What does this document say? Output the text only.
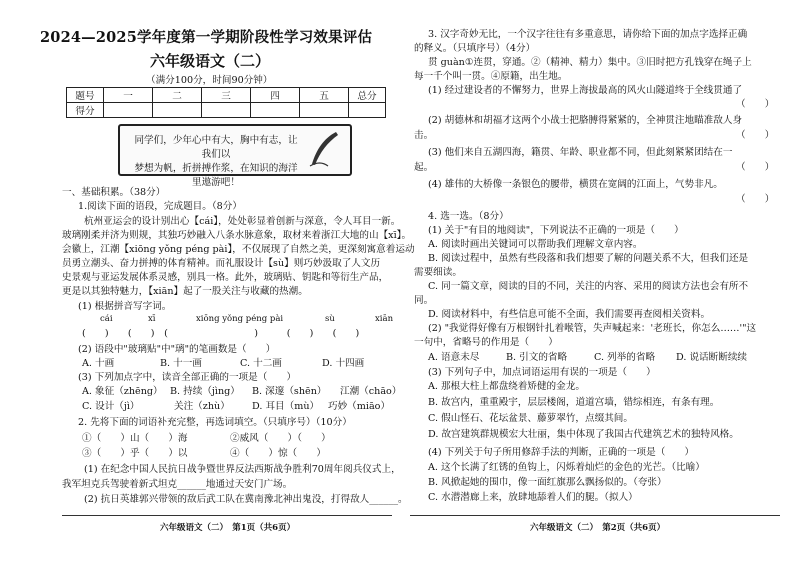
2024—2025学年度第一学期阶段性学习效果评估
六年级语文（二）
（满分100分，时间90分钟）
题号	一	二	三	四	五	总分
得分						
同学们，少年心中有大，胸中有志，让我们以
梦想为帆，折拼搏作浆，在知识的海洋里遨游吧！
一、基础积累。（38分）
1.阅读下面的语段，完成题目。（8分）
杭州亚运会的设计别出心【cái】，处处彰显着创新与深意，令人耳目一新。
玻璃刚柔并济为则规，其独巧妙融入八条水脉意象，取材来着浙江大地的山【xī】。
会徽上，江潮【xiōng yǒng péng pài】，不仅展现了自然之美，更深刻寓意着运动
员勇立潮头、奋力拼搏的体育精神。而礼服设计【sù】则巧妙汲取了人文历
史景观与亚运发展体系灵感，别具一格。此外，玻璃贴、钥匙和等衍生产品，
更是以其独特魅力，【xiān】起了一股关注与收藏的热潮。
(1) 根据拼音写字词。
cái	xī	xiōng yǒng péng pài	sù	xiān
(　　)　　(　　)　(　　　　　　　　　)　　　(　　)　　(　　)
(2) 语段中"玻璃贴"中"璃"的笔画数是（　　）
A. 十画	B. 十一画	C. 十二画	D. 十四画
(3) 下列加点字中，读音全部正确的一项是（　　）
A. 象征（zhēng） B. 持续（jìng） B. 深邃（shēn） 江潮（chāo）
C. 设计（jì）	关注（zhù） D. 耳目（mù） 巧妙（miāo）
2. 先将下面的词语补充完整，再选词填空。（只填序号）（10分）
①（　　）山（　　）海	②威风（　　）（　　）
③（　　）乎（　　）以	④（　　）惊（　　）
(1) 在纪念中国人民抗日战争暨世界反法西斯战争胜利70周年阅兵仪式上，
我军坦克兵驾驶着新式坦克______地通过天安门广场。
(2) 抗日英雄郭兴带领的敌后武工队在冀南豫北神出鬼没，打得敌人______。
六年级语文（二）　第1页（共6页）
3. 汉字奇妙无比，一个汉字往往有多重意思，请你给下面的加点字选择正确
的释义。（只填序号）（4分）
贯 guàn①连贯，穿通。②（精神、精力）集中。③旧时把方孔钱穿在绳子上
每一千个叫一贯。④原籍，出生地。
(1) 经过建设者的不懈努力，世界上海拔最高的风火山隧道终于全线贯通了
（　　）
(2) 胡德林和胡福才这两个小战士把胳膊得紧紧的，全神贯注地瞄准敌人身
击。	（　　）
(3) 他们来自五湖四海，籍贯、年龄、职业都不同，但此刻紧紧团结在一
起。	（　　）
(4) 雄伟的大桥像一条银色的腰带，横贯在宽阔的江面上，气势非凡。
（　　）
4. 选一选。（8分）
(1) 关于"有目的地阅读"，下列说法不正确的一项是（　　）
A. 阅读时画出关键词可以帮助我们理解文章内容。
B. 阅读过程中，虽然有些段落和我们想要了解的问题关系不大，但我们还是
需要细读。
C. 同一篇文章，阅读的目的不同，关注的内容、采用的阅读方法也会有所不
同。
D. 阅读材料中，有些信息可能不全面，我们需要再查阅相关资料。
(2) "我觉得好像有万根钢针扎着喉管，失声喊起来：'老班长，你怎么……'"这
一句中，省略号的作用是（　　）
A. 语意未尽	B. 引文的省略	C. 列举的省略 D. 说话断断续续
(3) 下列句子中，加点词语运用有误的一项是（　　）
A. 那根大柱上都盘绕着矫健的金龙。
B. 故宫内，重重殿宇，层层楼阁，道道宫墙，错综相连，有条有理。
C. 假山怪石、花坛盆景、藤萝翠竹，点缀其间。
D. 故宫建筑群规模宏大壮丽，集中体现了我国古代建筑艺术的独特风格。
(4) 下列关于句子所用修辞手法的判断，正确的一项是（　　）
A. 这个长满了红锈的鱼钩上，闪烁着灿烂的金色的光芒。（比喻）
B. 风掀起她的围巾，像一面红旗那么飘扬似的。（夸张）
C. 水潜潜廊上来，放肆地舔着人们的腿。（拟人）
六年级语文（二）　第2页（共6页）
